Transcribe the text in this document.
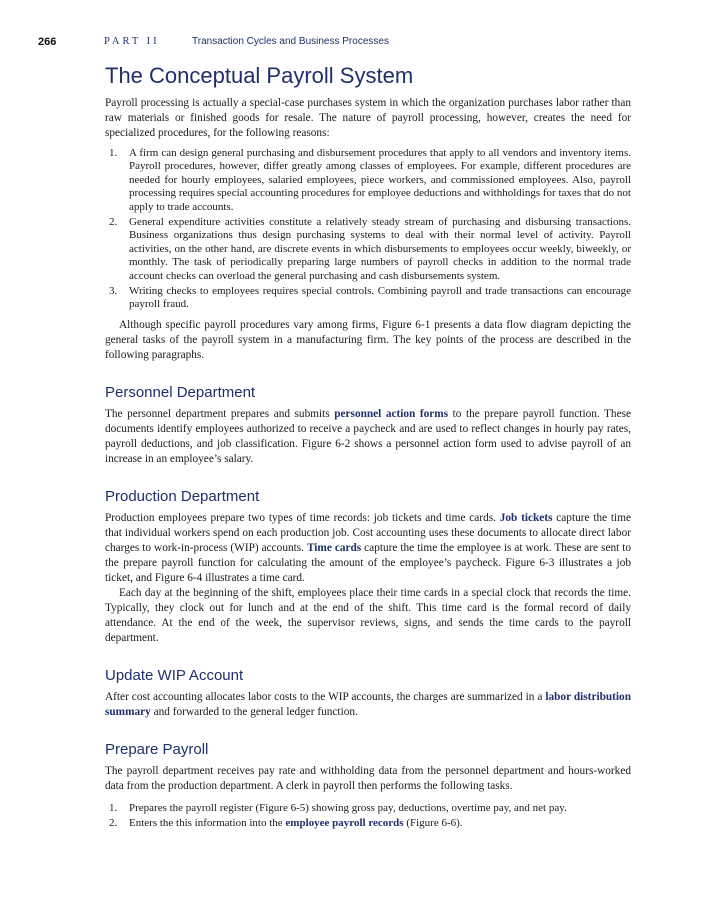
266	PART II	Transaction Cycles and Business Processes
The Conceptual Payroll System

Payroll processing is actually a special-case purchases system in which the organization purchases labor rather than raw materials or finished goods for resale. The nature of payroll processing, however, creates the need for specialized procedures, for the following reasons:

1. A firm can design general purchasing and disbursement procedures that apply to all vendors and inventory items. Payroll procedures, however, differ greatly among classes of employees. For example, different procedures are needed for hourly employees, salaried employees, piece workers, and commissioned employees. Also, payroll processing requires special accounting procedures for employee deductions and withholdings for taxes that do not apply to trade accounts.
2. General expenditure activities constitute a relatively steady stream of purchasing and disbursing transactions. Business organizations thus design purchasing systems to deal with their normal level of activity. Payroll activities, on the other hand, are discrete events in which disbursements to employees occur weekly, biweekly, or monthly. The task of periodically preparing large numbers of payroll checks in addition to the normal trade account checks can overload the general purchasing and cash disbursements system.
3. Writing checks to employees requires special controls. Combining payroll and trade transactions can encourage payroll fraud.

Although specific payroll procedures vary among firms, Figure 6-1 presents a data flow diagram depicting the general tasks of the payroll system in a manufacturing firm. The key points of the process are described in the following paragraphs.

Personnel Department

The personnel department prepares and submits personnel action forms to the prepare payroll function. These documents identify employees authorized to receive a paycheck and are used to reflect changes in hourly pay rates, payroll deductions, and job classification. Figure 6-2 shows a personnel action form used to advise payroll of an increase in an employee’s salary.

Production Department

Production employees prepare two types of time records: job tickets and time cards. Job tickets capture the time that individual workers spend on each production job. Cost accounting uses these documents to allocate direct labor charges to work-in-process (WIP) accounts. Time cards capture the time the employee is at work. These are sent to the prepare payroll function for calculating the amount of the employee’s paycheck. Figure 6-3 illustrates a job ticket, and Figure 6-4 illustrates a time card.

Each day at the beginning of the shift, employees place their time cards in a special clock that records the time. Typically, they clock out for lunch and at the end of the shift. This time card is the formal record of daily attendance. At the end of the week, the supervisor reviews, signs, and sends the time cards to the payroll department.

Update WIP Account

After cost accounting allocates labor costs to the WIP accounts, the charges are summarized in a labor distribution summary and forwarded to the general ledger function.

Prepare Payroll

The payroll department receives pay rate and withholding data from the personnel department and hours-worked data from the production department. A clerk in payroll then performs the following tasks.

1. Prepares the payroll register (Figure 6-5) showing gross pay, deductions, overtime pay, and net pay.
2. Enters the this information into the employee payroll records (Figure 6-6).
